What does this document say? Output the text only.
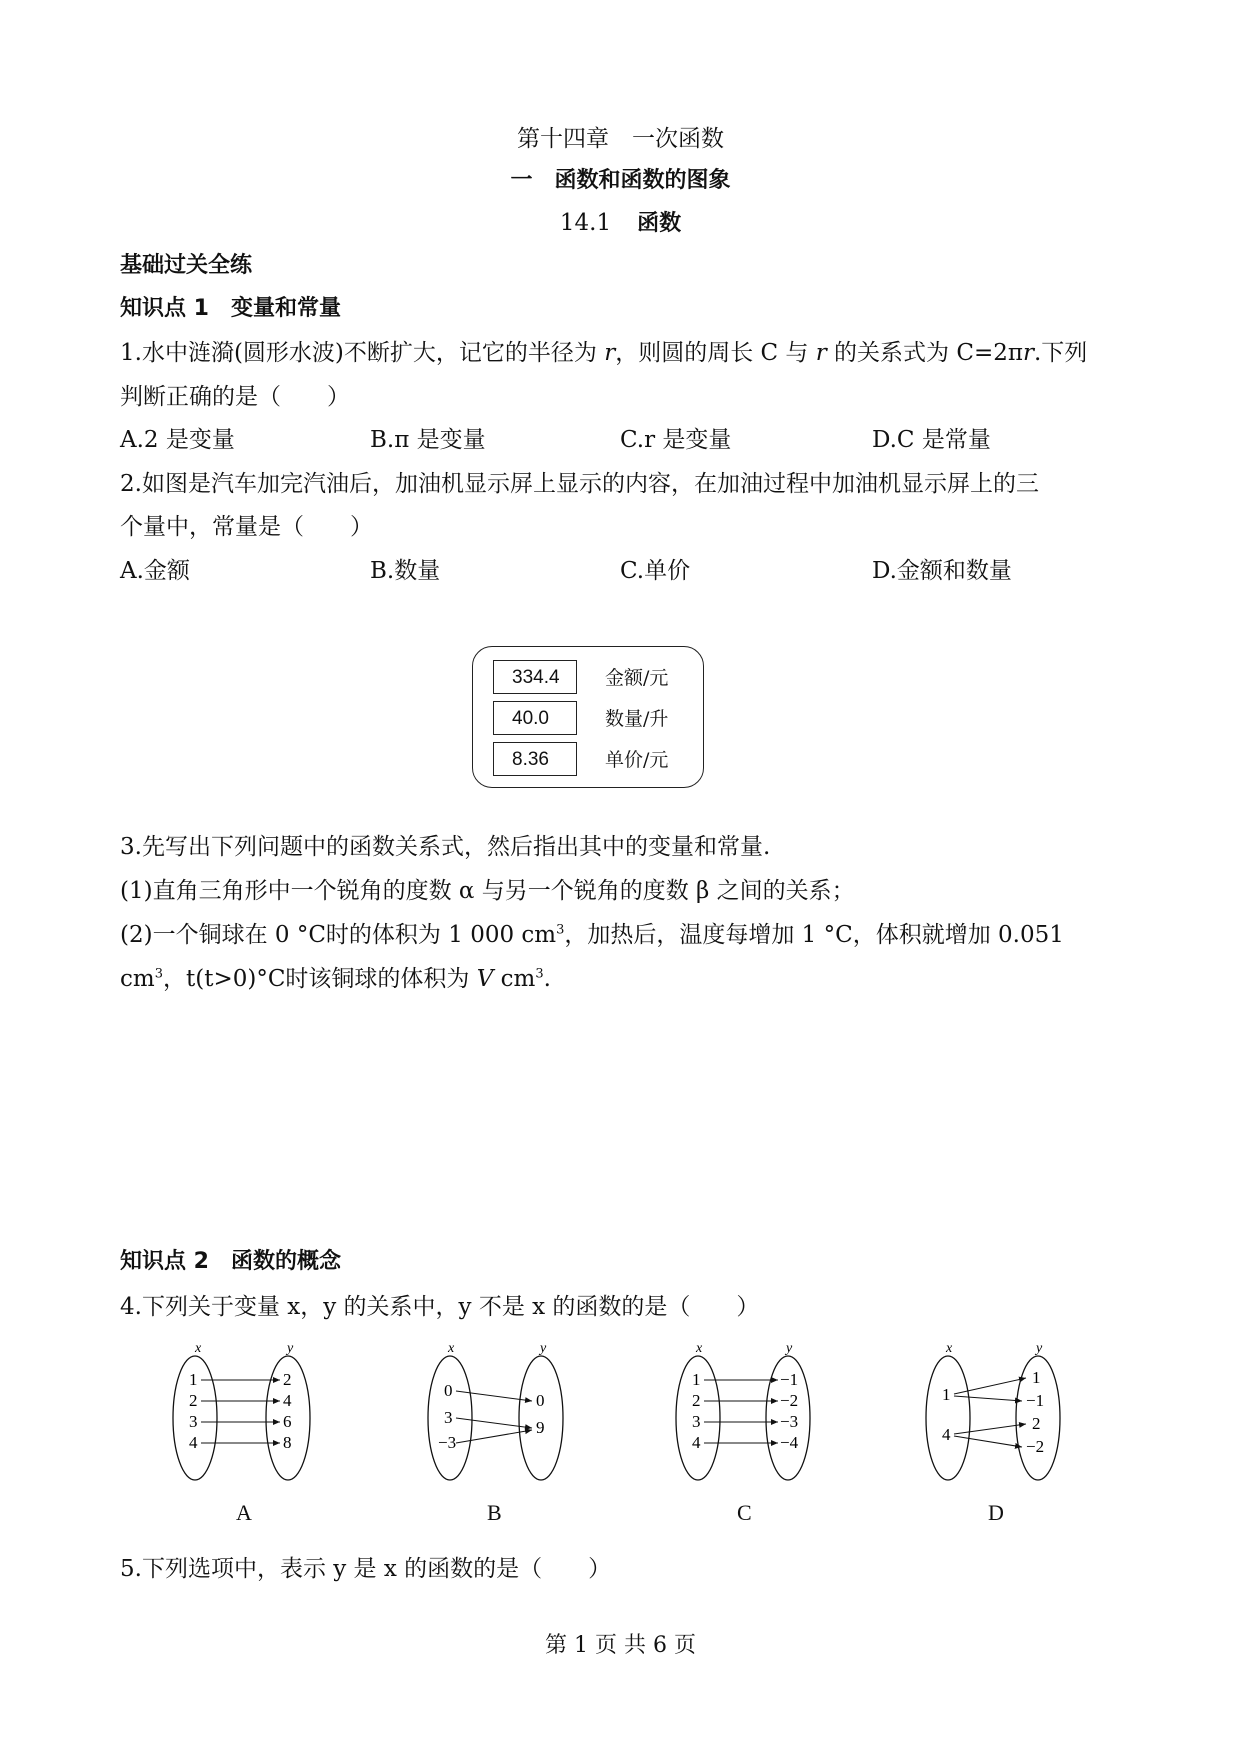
第十四章　一次函数
一　函数和函数的图象
14.1 函数
基础过关全练
知识点 1 变量和常量
1.水中涟漪(圆形水波)不断扩大，记它的半径为 r，则圆的周长 C 与 r 的关系式为 C=2πr.下列
判断正确的是（　　）
A.2 是变量	B.π 是变量	C.r 是变量	D.C 是常量
2.如图是汽车加完汽油后，加油机显示屏上显示的内容，在加油过程中加油机显示屏上的三
个量中，常量是（　　）
A.金额	B.数量	C.单价	D.金额和数量
334.4	金额/元
40.0	数量/升
8.36	单价/元
3.先写出下列问题中的函数关系式，然后指出其中的变量和常量.
(1)直角三角形中一个锐角的度数 α 与另一个锐角的度数 β 之间的关系；
(2)一个铜球在 0 °C时的体积为 1 000 $cm^3$，加热后，温度每增加 1 °C，体积就增加 0.051
$cm^3$，t(t>0)°C时该铜球的体积为 V $cm^3$.
知识点 2 函数的概念
4.下列关于变量 x，y 的关系中，y 不是 x 的函数的是（　　）
x	y
1
2
3
4
2
4
6
8
A
x	y
0
3
−3
0
9
B
x	y
1
2
3
4
−1
−2
−3
−4
C
x	y
1
4
1
−1
2
−2
D
5.下列选项中，表示 y 是 x 的函数的是（　　）
第 1 页 共 6 页
